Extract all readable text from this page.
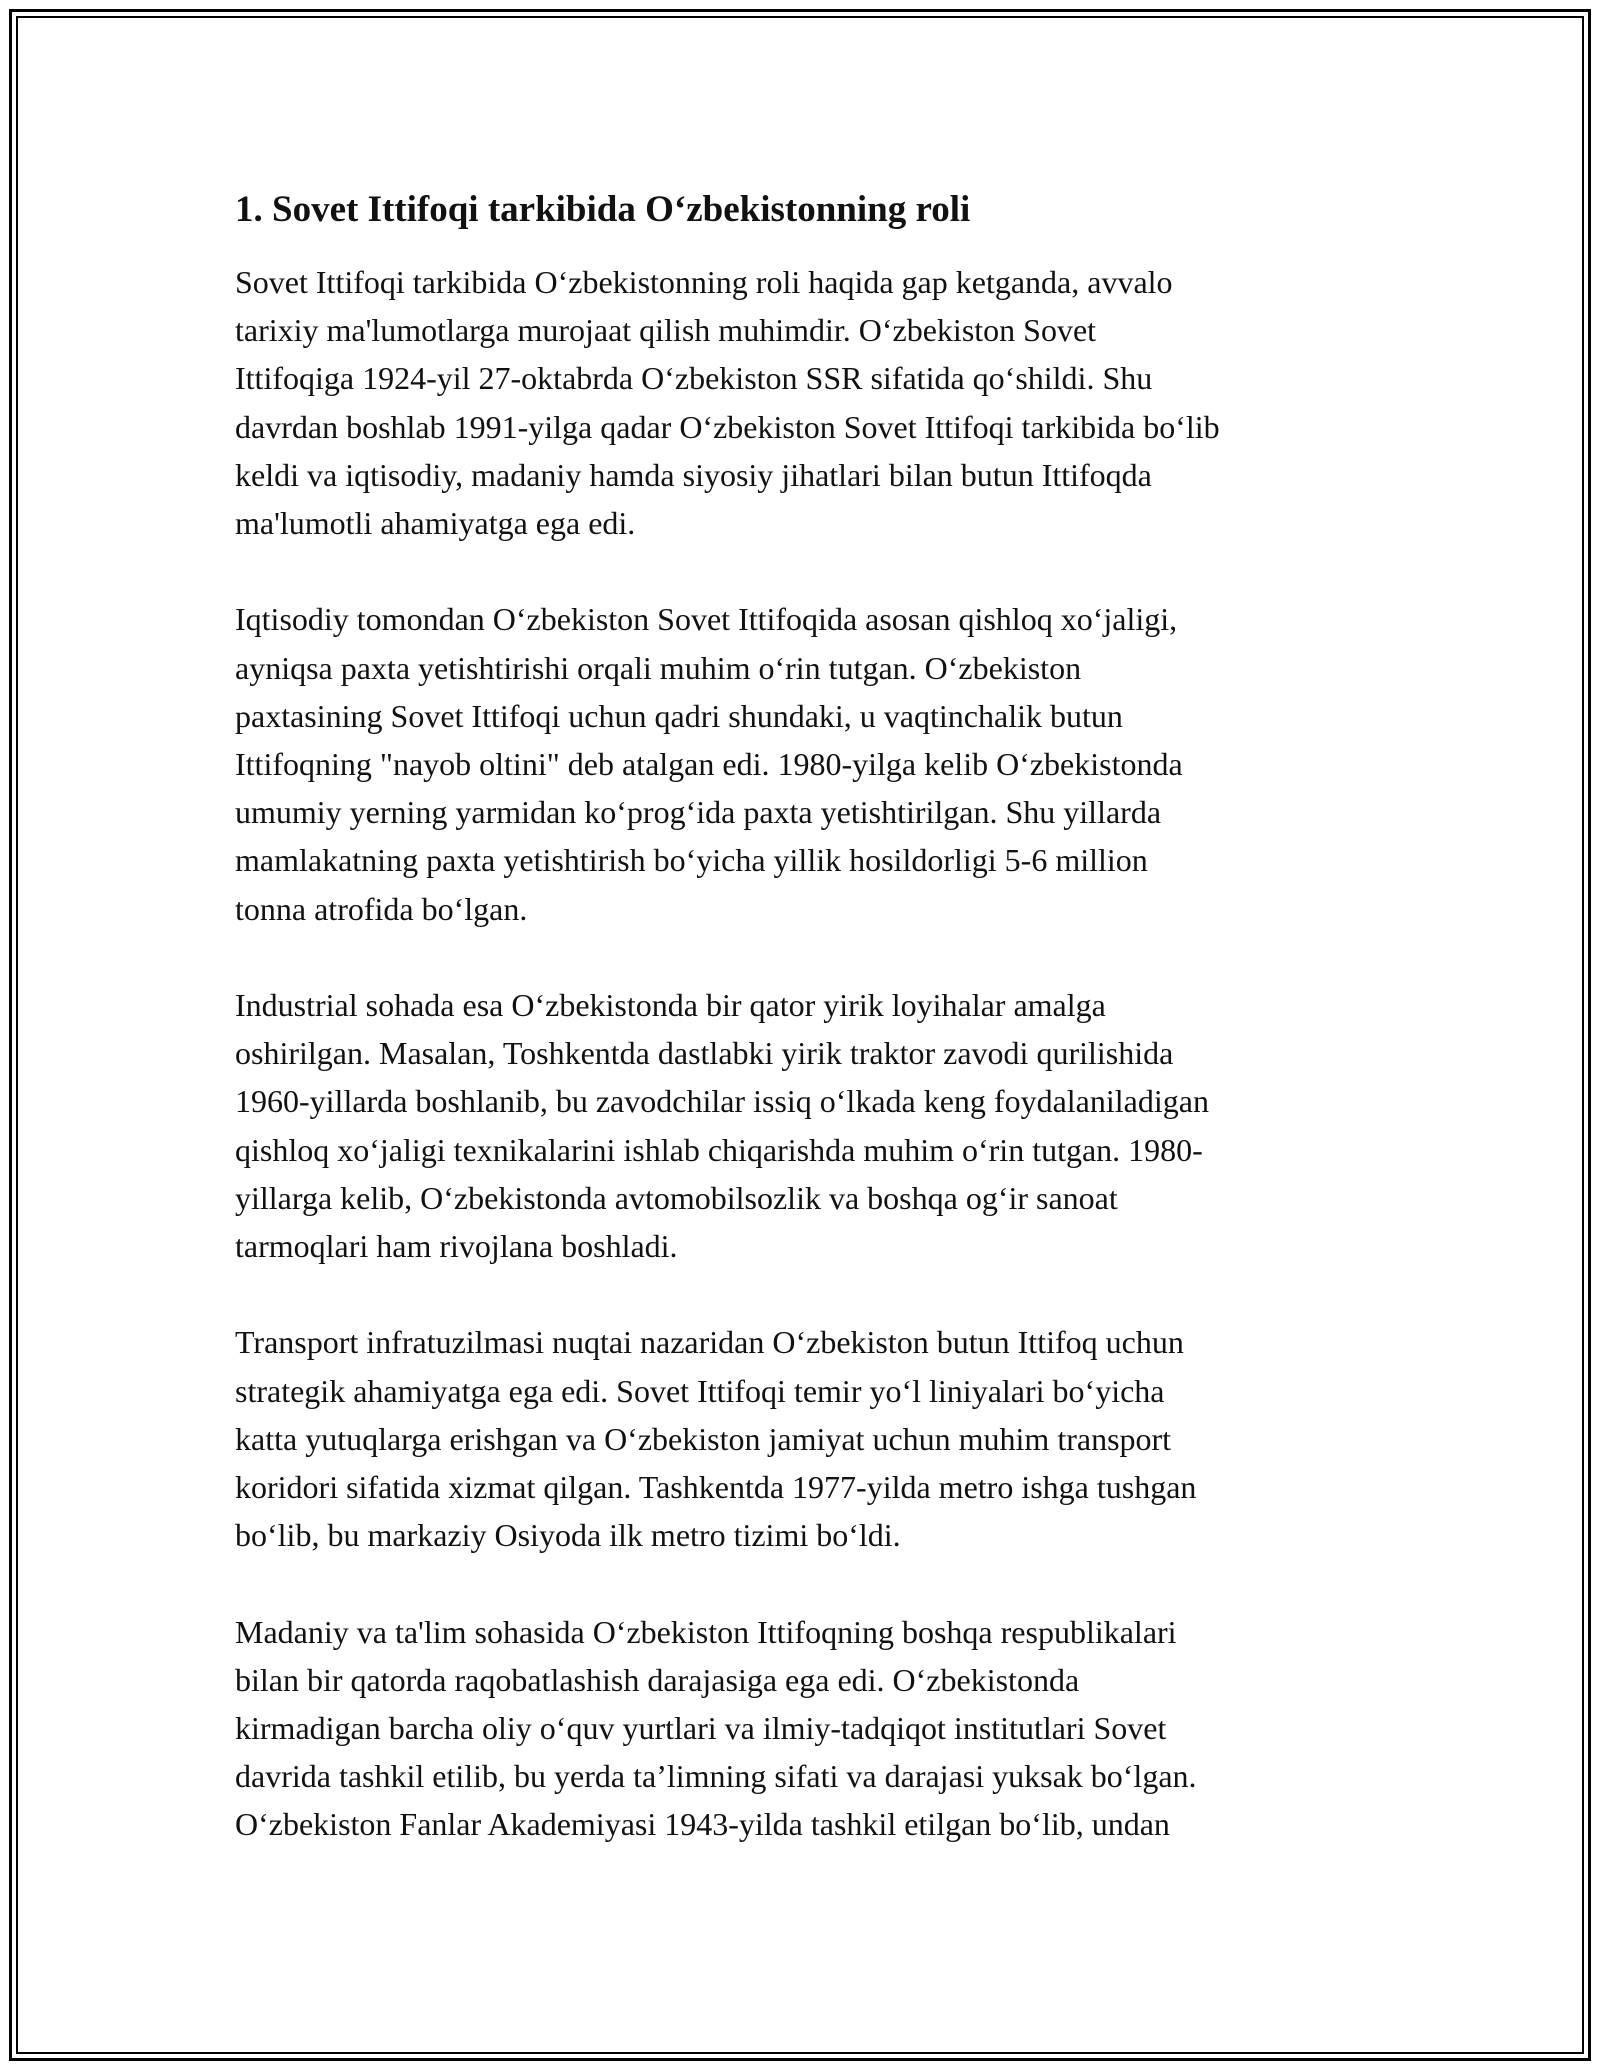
1. Sovet Ittifoqi tarkibida O‘zbekistonning roli
Sovet Ittifoqi tarkibida O‘zbekistonning roli haqida gap ketganda, avvalo
tarixiy ma'lumotlarga murojaat qilish muhimdir. O‘zbekiston Sovet
Ittifoqiga 1924-yil 27-oktabrda O‘zbekiston SSR sifatida qo‘shildi. Shu
davrdan boshlab 1991-yilga qadar O‘zbekiston Sovet Ittifoqi tarkibida bo‘lib
keldi va iqtisodiy, madaniy hamda siyosiy jihatlari bilan butun Ittifoqda
ma'lumotli ahamiyatga ega edi.
Iqtisodiy tomondan O‘zbekiston Sovet Ittifoqida asosan qishloq xo‘jaligi,
ayniqsa paxta yetishtirishi orqali muhim o‘rin tutgan. O‘zbekiston
paxtasining Sovet Ittifoqi uchun qadri shundaki, u vaqtinchalik butun
Ittifoqning "nayob oltini" deb atalgan edi. 1980-yilga kelib O‘zbekistonda
umumiy yerning yarmidan ko‘prog‘ida paxta yetishtirilgan. Shu yillarda
mamlakatning paxta yetishtirish bo‘yicha yillik hosildorligi 5-6 million
tonna atrofida bo‘lgan.
Industrial sohada esa O‘zbekistonda bir qator yirik loyihalar amalga
oshirilgan. Masalan, Toshkentda dastlabki yirik traktor zavodi qurilishida
1960-yillarda boshlanib, bu zavodchilar issiq o‘lkada keng foydalaniladigan
qishloq xo‘jaligi texnikalarini ishlab chiqarishda muhim o‘rin tutgan. 1980-
yillarga kelib, O‘zbekistonda avtomobilsozlik va boshqa og‘ir sanoat
tarmoqlari ham rivojlana boshladi.
Transport infratuzilmasi nuqtai nazaridan O‘zbekiston butun Ittifoq uchun
strategik ahamiyatga ega edi. Sovet Ittifoqi temir yo‘l liniyalari bo‘yicha
katta yutuqlarga erishgan va O‘zbekiston jamiyat uchun muhim transport
koridori sifatida xizmat qilgan. Tashkentda 1977-yilda metro ishga tushgan
bo‘lib, bu markaziy Osiyoda ilk metro tizimi bo‘ldi.
Madaniy va ta'lim sohasida O‘zbekiston Ittifoqning boshqa respublikalari
bilan bir qatorda raqobatlashish darajasiga ega edi. O‘zbekistonda
kirmadigan barcha oliy o‘quv yurtlari va ilmiy-tadqiqot institutlari Sovet
davrida tashkil etilib, bu yerda ta’limning sifati va darajasi yuksak bo‘lgan.
O‘zbekiston Fanlar Akademiyasi 1943-yilda tashkil etilgan bo‘lib, undan
